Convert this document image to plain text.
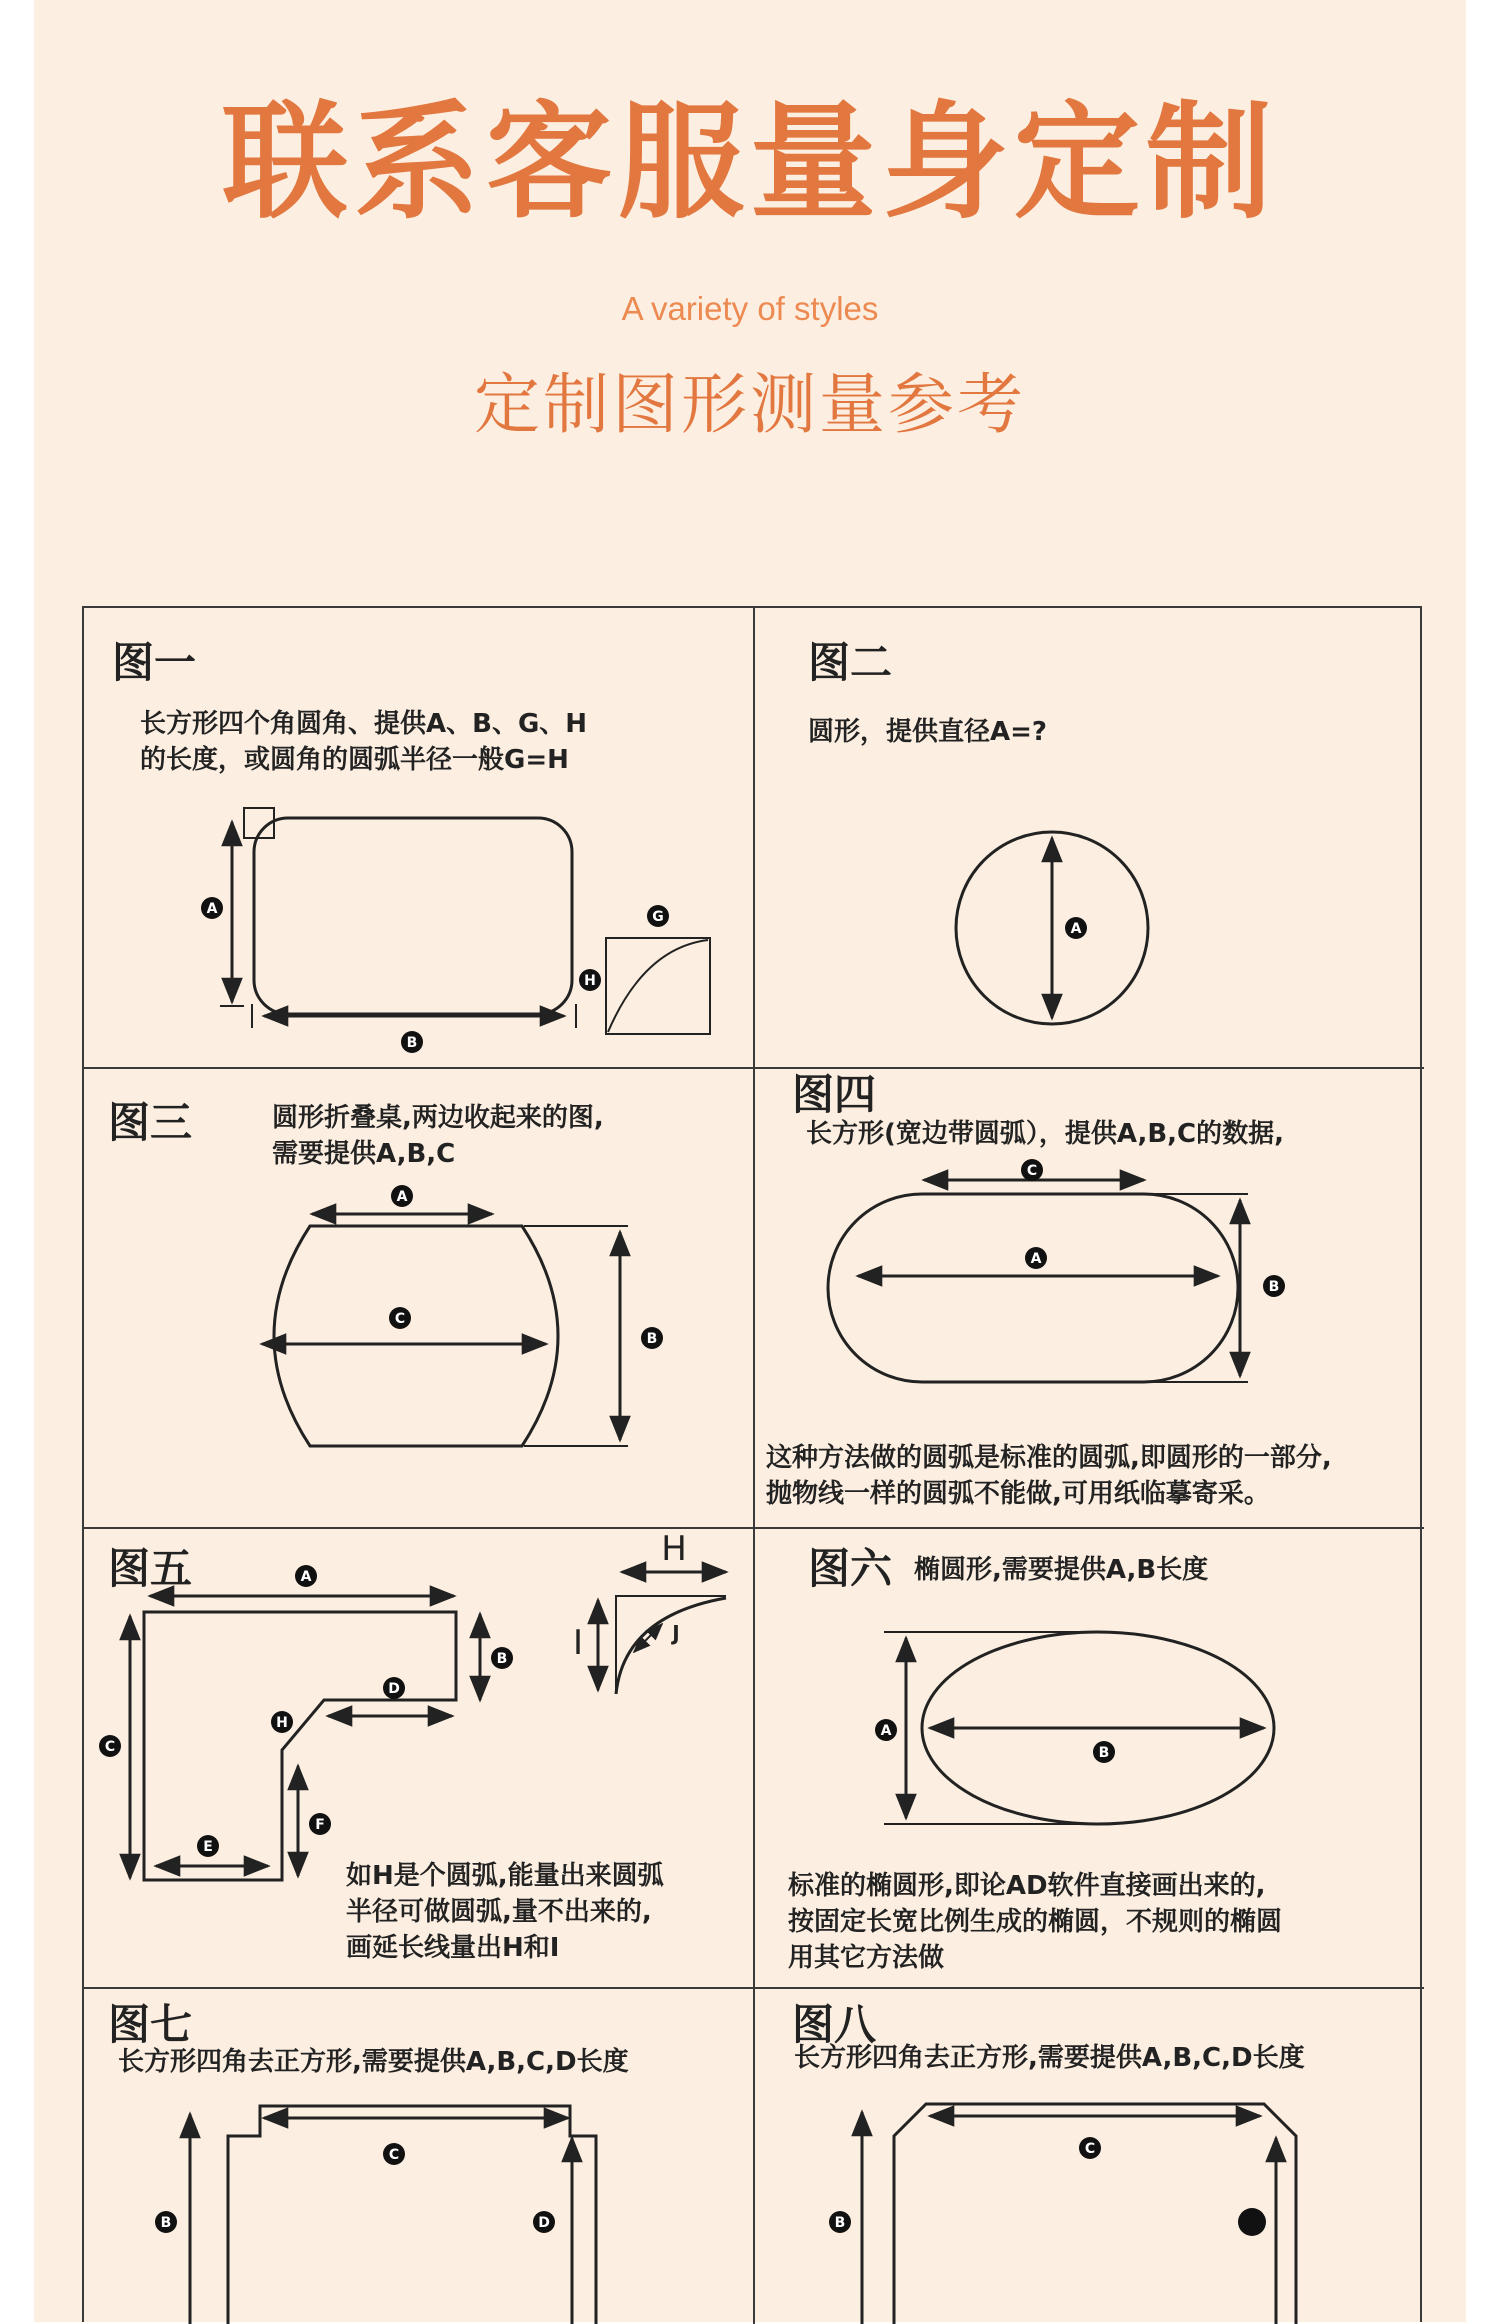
联系客服量身定制
A variety of styles
定制图形测量参考
图一
长方形四个角圆角、提供A、B、G、H
的长度，或圆角的圆弧半径一般G=H
A
B
G
H
图二
圆形，提供直径A=?
A
图三	圆形折叠桌,两边收起来的图,
需要提供A,B,C
A
B
C
图四
长方形(宽边带圆弧），提供A,B,C的数据,
A
B
C
这种方法做的圆弧是标准的圆弧,即圆形的一部分,
抛物线一样的圆弧不能做,可用纸临摹寄采。
图五	A
B
C
D
E
F
H
H
I	J
如H是个圆弧,能量出来圆弧
半径可做圆弧,量不出来的,
画延长线量出H和I
图六 椭圆形,需要提供A,B长度
A
B
标准的椭圆形,即论AD软件直接画出来的,
按固定长宽比例生成的椭圆，不规则的椭圆
用其它方法做
图七
长方形四角去正方形,需要提供A,B,C,D长度
B
C
D
图八
长方形四角去正方形,需要提供A,B,C,D长度
B
C
